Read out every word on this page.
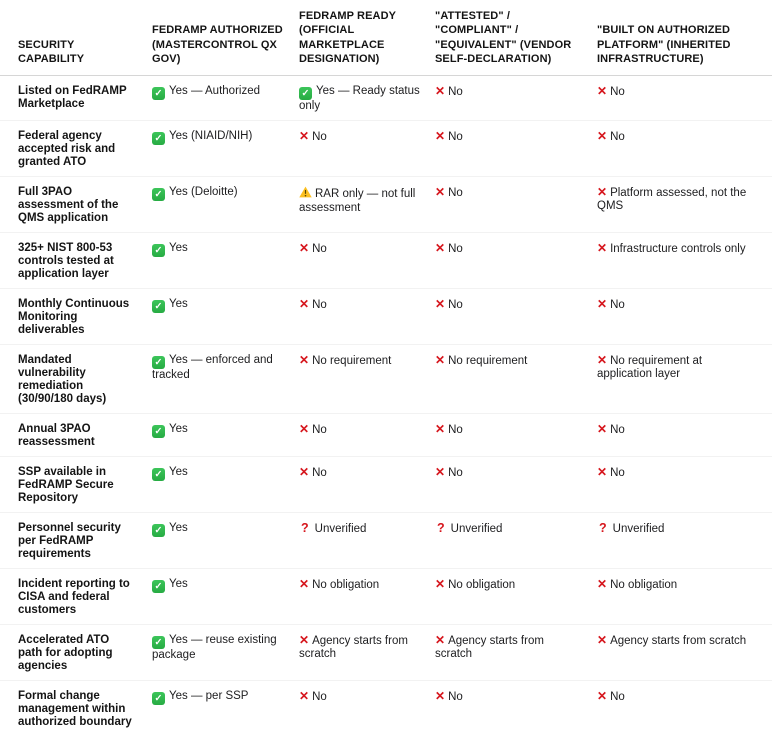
SECURITY CAPABILITY	FEDRAMP AUTHORIZED (MASTERCONTROL QX GOV)	FEDRAMP READY (OFFICIAL MARKETPLACE DESIGNATION)	"ATTESTED" / "COMPLIANT" / "EQUIVALENT" (VENDOR SELF-DECLARATION)	"BUILT ON AUTHORIZED PLATFORM" (INHERITED INFRASTRUCTURE)
Listed on FedRAMP Marketplace	✓ Yes — Authorized	✓ Yes — Ready status only	✕ No	✕ No
Federal agency accepted risk and granted ATO	✓ Yes (NIAID/NIH)	✕ No	✕ No	✕ No
Full 3PAO assessment of the QMS application	✓ Yes (Deloitte)	RAR only — not full assessment	✕ No	✕ Platform assessed, not the QMS
325+ NIST 800-53 controls tested at application layer	✓ Yes	✕ No	✕ No	✕ Infrastructure controls only
Monthly Continuous Monitoring deliverables	✓ Yes	✕ No	✕ No	✕ No
Mandated vulnerability remediation (30/90/180 days)	✓ Yes — enforced and tracked	✕ No requirement	✕ No requirement	✕ No requirement at application layer
Annual 3PAO reassessment	✓ Yes	✕ No	✕ No	✕ No
SSP available in FedRAMP Secure Repository	✓ Yes	✕ No	✕ No	✕ No
Personnel security per FedRAMP requirements	✓ Yes	? Unverified	? Unverified	? Unverified
Incident reporting to CISA and federal customers	✓ Yes	✕ No obligation	✕ No obligation	✕ No obligation
Accelerated ATO path for adopting agencies	✓ Yes — reuse existing package	✕ Agency starts from scratch	✕ Agency starts from scratch	✕ Agency starts from scratch
Formal change management within authorized boundary	✓ Yes — per SSP	✕ No	✕ No	✕ No
